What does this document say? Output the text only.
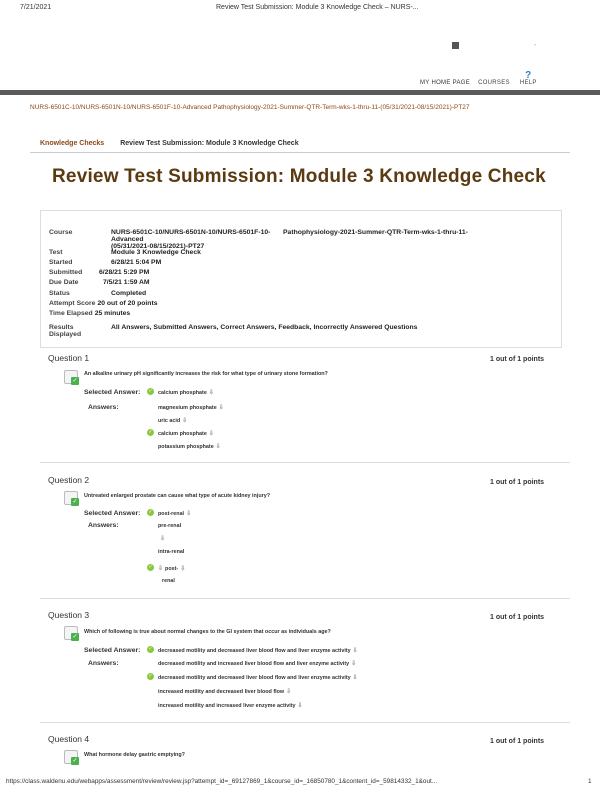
7/21/2021	Review Test Submission: Module 3 Knowledge Check – NURS-...
-
MY HOME PAGE COURSES
?
HELP
NURS-6501C-10/NURS-6501N-10/NURS-6501F-10-Advanced Pathophysiology-2021-Summer-QTR-Term-wks-1-thru-11-(05/31/2021-08/15/2021)-PT27
Knowledge Checks Review Test Submission: Module 3 Knowledge Check
Review Test Submission: Module 3 Knowledge Check
Course	NURS-6501C-10/NURS-6501N-10/NURS-6501F-10-Advanced
(05/31/2021-08/15/2021)-PT27
Pathophysiology-2021-Summer-QTR-Term-wks-1-thru-11-
Test	Module 3 Knowledge Check
Started	6/28/21 5:04 PM
Submitted	6/28/21 5:29 PM
Due Date	7/5/21 1:59 AM
Status	Completed
Attempt Score 20 out of 20 points
Time Elapsed 25 minutes
Results
Displayed
All Answers, Submitted Answers, Correct Answers, Feedback, Incorrectly Answered Questions
Question 1	1 out of 1 points
✓
An alkaline urinary pH significantly increases the risk for what type of urinary stone formation?
Selected Answer: ✓ calcium phosphate ⇩
Answers:	magnesium phosphate ⇩
uric acid ⇩
✓ calcium phosphate ⇩
potassium phosphate ⇩
Question 2	1 out of 1 points
✓
Untreated enlarged prostate can cause what type of acute kidney injury?
Selected Answer: ✓ post-renal ⇩
Answers:	pre-renal
⇩
intra-renal
✓ ⇩ post- ⇩
renal
Question 3	1 out of 1 points
✓
Which of following is true about normal changes to the GI system that occur as individuals age?
Selected Answer: ✓ decreased motility and decreased liver blood flow and liver enzyme activity ⇩
Answers:	decreased motility and increased liver blood flow and liver enzyme activity ⇩
✓ decreased motility and decreased liver blood flow and liver enzyme activity ⇩
increased motility and decreased liver blood flow ⇩
increased motility and increased liver enzyme activity ⇩
Question 4	1 out of 1 points
✓
What hormone delay gastric emptying?
https://class.waldenu.edu/webapps/assessment/review/review.jsp?attempt_id=_69127869_1&course_id=_16850780_1&content_id=_59814332_1&out...	1
